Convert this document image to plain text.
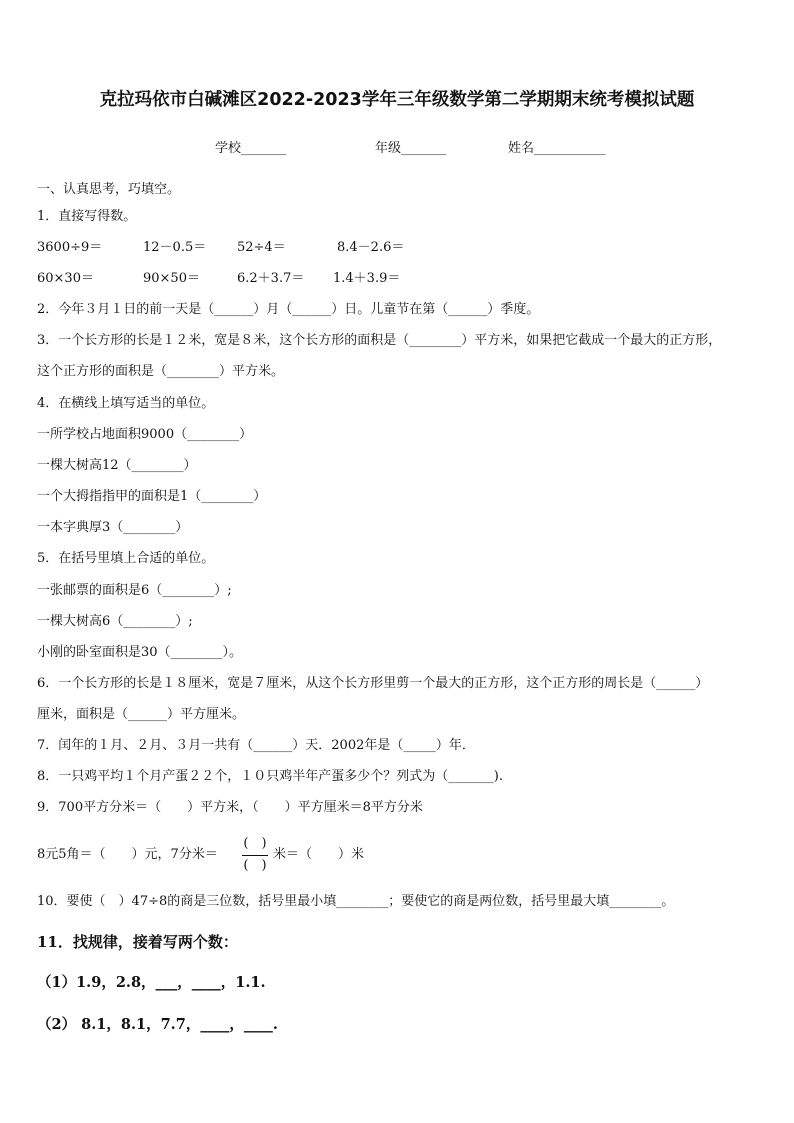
克拉玛依市白碱滩区2022-2023学年三年级数学第二学期期末统考模拟试题
学校_______	年级_______	姓名___________
一、认真思考，巧填空。
1．直接写得数。
3600÷9＝	12－0.5＝ 52÷4＝	8.4－2.6＝
60×30＝	90×50＝	6.2＋3.7＝ 1.4＋3.9＝
2．今年３月１日的前一天是（______）月（______）日。儿童节在第（______）季度。
3．一个长方形的长是１２米，宽是８米，这个长方形的面积是（________）平方米，如果把它截成一个最大的正方形，
这个正方形的面积是（________）平方米。
4．在横线上填写适当的单位。
一所学校占地面积9000（________）
一棵大树高12（________）
一个大拇指指甲的面积是1（________）
一本字典厚3（________）
5．在括号里填上合适的单位。
一张邮票的面积是6（________）;
一棵大树高6（________）;
小刚的卧室面积是30（________）。
6．一个长方形的长是１８厘米，宽是７厘米，从这个长方形里剪一个最大的正方形，这个正方形的周长是（______）
厘米，面积是（______）平方厘米。
7．闰年的１月、２月、３月一共有（______）天．2002年是（_____）年．
8．一只鸡平均１个月产蛋２２个，１０只鸡半年产蛋多少个？列式为（_______).
9．700平方分米＝（　　）平方米，（　　）平方厘米＝8平方分米
8元5角＝（　　）元，7分米＝
(　)
(　)
米＝（　　）米
10．要使（　）47÷8的商是三位数，括号里最小填________；要使它的商是两位数，括号里最大填________。
11．找规律，接着写两个数：
（1）1.9，2.8，___，____，1.1.
（2） 8.1，8.1，7.7，____，____.
